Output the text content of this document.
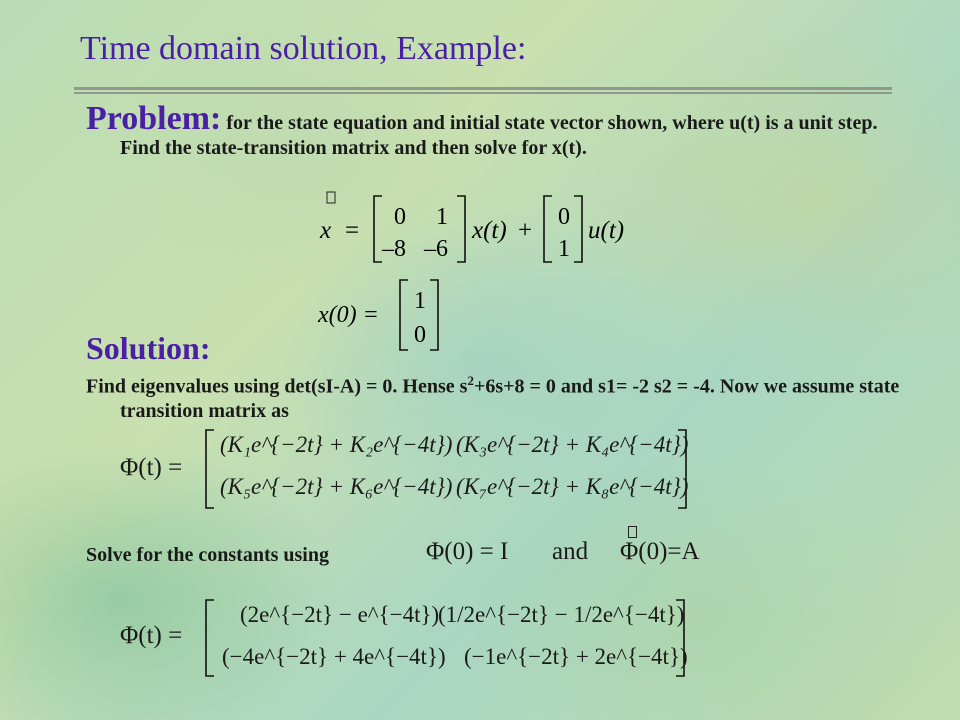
Time domain solution, Example:
Problem: for the state equation and initial state vector shown, where u(t) is a unit step. Find the state-transition matrix and then solve for x(t).
x = 0 1
–8 –6
x(t) + 0
1
u(t)
x(0) =
1
0
Solution:
Find eigenvalues using det(sI-A) = 0. Hense $s^2+6s+8 = 0$ and s1= -2 s2 = -4. Now we assume state transition matrix as
Φ(t) =
(K₁e^{−2t} + K₂e^{−4t}) (K₃e^{−2t} + K₄e^{−4t})
(K₅e^{−2t} + K₆e^{−4t}) (K₇e^{−2t} + K₈e^{−4t})
Solve for the constants using	Φ(0) = I and Φ(0)=A
Φ(t) =
(2e^{−2t} − e^{−4t})
(1/2e^{−2t} − 1/2e^{−4t})
(−4e^{−2t} + 4e^{−4t}) (−1e^{−2t} + 2e^{−4t})
